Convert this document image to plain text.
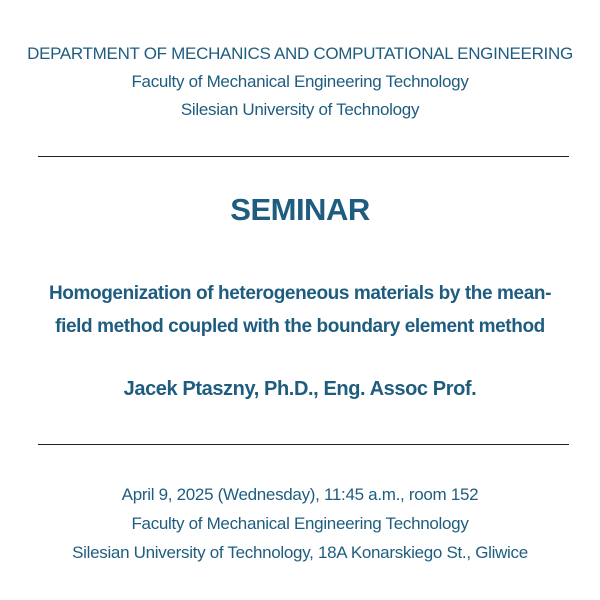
DEPARTMENT OF MECHANICS AND COMPUTATIONAL ENGINEERING
Faculty of Mechanical Engineering Technology
Silesian University of Technology
SEMINAR
Homogenization of heterogeneous materials by the mean-
field method coupled with the boundary element method
Jacek Ptaszny, Ph.D., Eng. Assoc Prof.
April 9, 2025 (Wednesday), 11:45 a.m., room 152
Faculty of Mechanical Engineering Technology
Silesian University of Technology, 18A Konarskiego St., Gliwice
